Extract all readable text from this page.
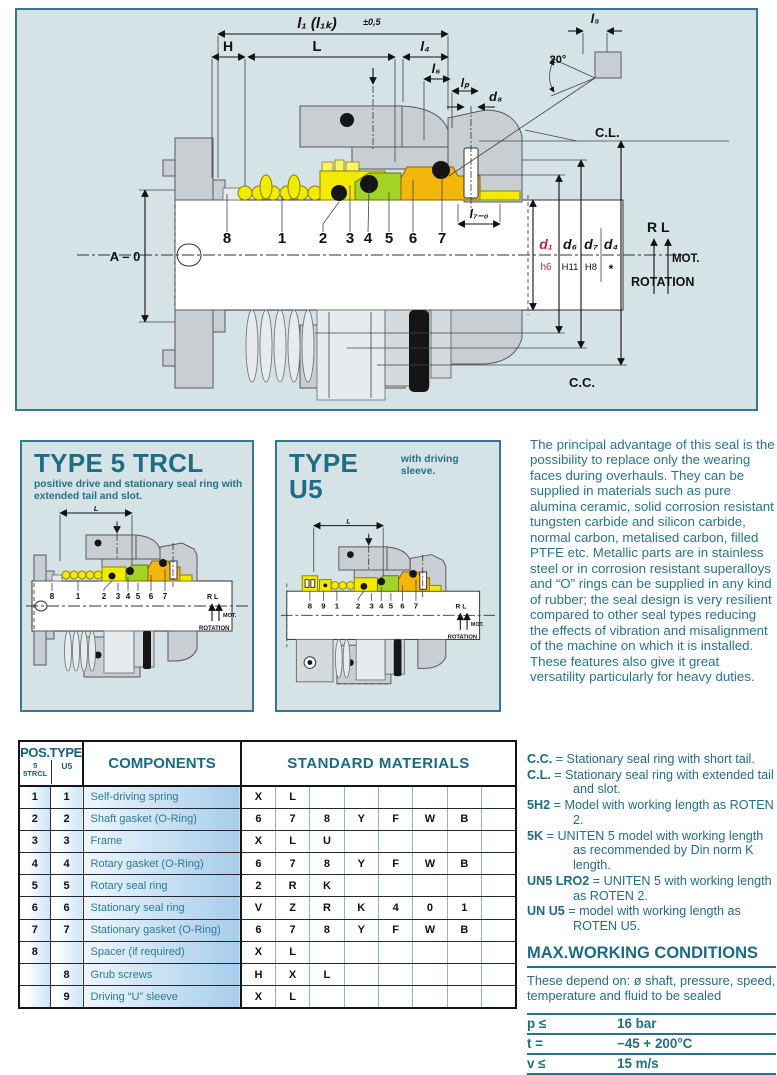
l₁ (l₁ₖ)	±0,5
H	L	l₄
l₆
lₚ
d₈
l₅
20°
C.L.
C.C.
l₇₋₀
A – 0
d₁
h6
d₆
H11
d₇
H8
d₄
*
R L
MOT.
ROTATION
8	1 2 3 4 5 6 7
TYPE 5 TRCL
positive drive and stationary seal ring with extended tail and slot.
L
R L
MOT.
ROTATION
8	1	2 3 4 5 6 7
TYPE U5
with driving sleeve.
L
R L
MOT.
ROTATION
8 9 1 2 3 4 5 6 7
The principal advantage of this seal is the possibility to replace only the wearing faces during overhauls. They can be supplied in materials such as pure alumina ceramic, solid corrosion resistant tungsten carbide and silicon carbide, normal carbon, metalised carbon, filled PTFE etc. Metallic parts are in stainless steel or in corrosion resistant superalloys and “O” rings can be supplied in any kind of rubber; the seal design is very resilient compared to other seal types reducing the effects of vibration and misalignment of the machine on which it is installed. These features also give it great versatility particularly for heavy duties.
POS.TYPE
5
5TRCL
U5		COMPONENTS	STANDARD MATERIALS							
1	1	Self-driving spring	X	L						
2	2	Shaft gasket (O-Ring)	6	7	8	Y	F	W	B	
3	3	Frame	X	L	U					
4	4	Rotary gasket (O-Ring)	6	7	8	Y	F	W	B	
5	5	Rotary seal ring	2	R	K					
6	6	Stationary seal ring	V	Z	R	K	4	0	1	
7	7	Stationary gasket (O-Ring)	6	7	8	Y	F	W	B	
8		Spacer (if required)	X	L						
	8	Grub screws	H	X	L					
	9	Driving “U” sleeve	X	L						
C.C. = Stationary seal ring with short tail.
C.L. = Stationary seal ring with extended tail and slot.
5H2 = Model with working length as ROTEN 2.
5K = UNITEN 5 model with working length as recommended by Din norm K length.
UN5 LRO2 = UNITEN 5 with working length as ROTEN 2.
UN U5 = model with working length as ROTEN U5.
MAX.WORKING CONDITIONS
These depend on: ø shaft, pressure, speed, temperature and fluid to be sealed
p ≤	16 bar
t =	−45 + 200°C
v ≤	15 m/s
